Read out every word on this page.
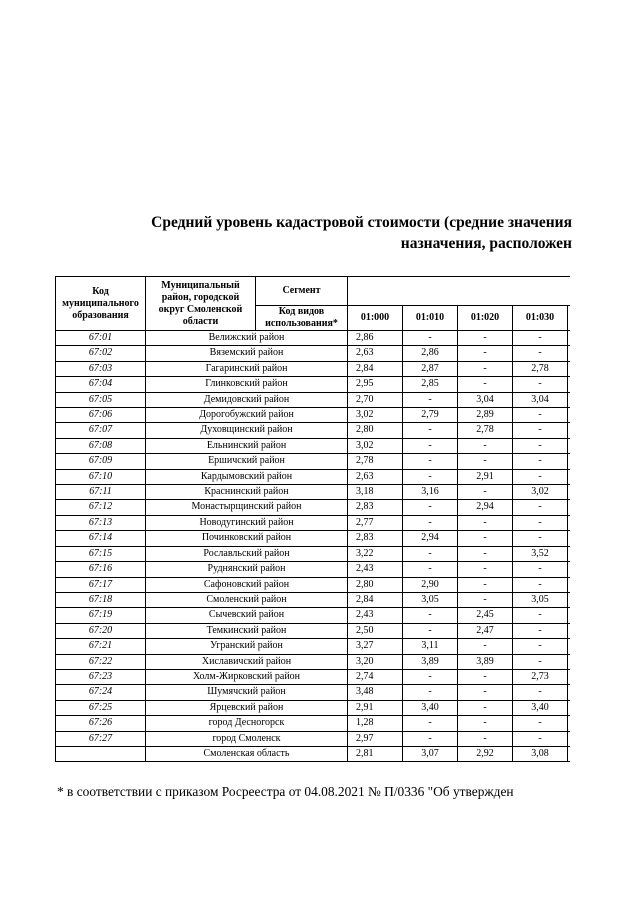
Средний уровень кадастровой стоимости (средние значения
назначения, расположен
Код муниципального образования	Муниципальный район, городской округ Смоленской области	Сегмент					
		Код видов использования*	01:000	01:010	01:020	01:030	
67:01	Велижский район		2,86	-	-	-	
67:02	Вяземский район		2,63	2,86	-	-	
67:03	Гагаринский район		2,84	2,87	-	2,78	
67:04	Глинковский район		2,95	2,85	-	-	
67:05	Демидовский район		2,70	-	3,04	3,04	
67:06	Дорогобужский район		3,02	2,79	2,89	-	
67:07	Духовщинский район		2,80	-	2,78	-	
67:08	Ельнинский район		3,02	-	-	-	
67:09	Ершичский район		2,78	-	-	-	
67:10	Кардымовский район		2,63	-	2,91	-	
67:11	Краснинский район		3,18	3,16	-	3,02	
67:12	Монастырщинский район		2,83	-	2,94	-	
67:13	Новодугинский район		2,77	-	-	-	
67:14	Починковский район		2,83	2,94	-	-	
67:15	Рославльский район		3,22	-	-	3,52	
67:16	Руднянский район		2,43	-	-	-	
67:17	Сафоновский район		2,80	2,90	-	-	
67:18	Смоленский район		2,84	3,05	-	3,05	
67:19	Сычевский район		2,43	-	2,45	-	
67:20	Темкинский район		2,50	-	2,47	-	
67:21	Угранский район		3,27	3,11	-	-	
67:22	Хиславичский район		3,20	3,89	3,89	-	
67:23	Холм-Жирковский район		2,74	-	-	2,73	
67:24	Шумячский район		3,48	-	-	-	
67:25	Ярцевский район		2,91	3,40	-	3,40	
67:26	город Десногорск		1,28	-	-	-	
67:27	город Смоленск		2,97	-	-	-	
	Смоленская область		2,81	3,07	2,92	3,08	
* в соответствии с приказом Росреестра от 04.08.2021 № П/0336 "Об утвержден
